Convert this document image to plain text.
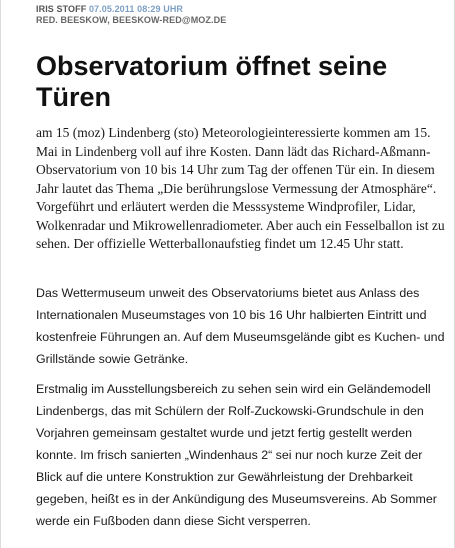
IRIS STOFF 07.05.2011 08:29 UHR
RED. BEESKOW, BEESKOW-RED@MOZ.DE
Observatorium öffnet seine Türen

am 15 (moz) Lindenberg (sto) Meteorologieinteressierte kommen am 15. Mai in Lindenberg voll auf ihre Kosten. Dann lädt das Richard-Aßmann-Observatorium von 10 bis 14 Uhr zum Tag der offenen Tür ein. In diesem Jahr lautet das Thema „Die berührungslose Vermessung der Atmosphäre“. Vorgeführt und erläutert werden die Messsysteme Windprofiler, Lidar, Wolkenradar und Mikrowellenradiometer. Aber auch ein Fesselballon ist zu sehen. Der offizielle Wetterballonaufstieg findet um 12.45 Uhr statt.

Das Wettermuseum unweit des Observatoriums bietet aus Anlass des Internationalen Museumstages von 10 bis 16 Uhr halbierten Eintritt und kostenfreie Führungen an. Auf dem Museumsgelände gibt es Kuchen- und Grillstände sowie Getränke.

Erstmalig im Ausstellungsbereich zu sehen sein wird ein Geländemodell Lindenbergs, das mit Schülern der Rolf-Zuckowski-Grundschule in den Vorjahren gemeinsam gestaltet wurde und jetzt fertig gestellt werden konnte. Im frisch sanierten „Windenhaus 2“ sei nur noch kurze Zeit der Blick auf die untere Konstruktion zur Gewährleistung der Drehbarkeit gegeben, heißt es in der Ankündigung des Museumsvereins. Ab Sommer werde ein Fußboden dann diese Sicht versperren.
